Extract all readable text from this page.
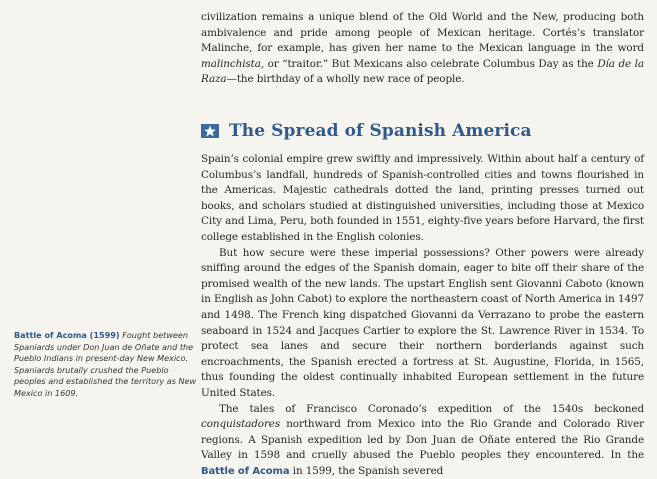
civilization remains a unique blend of the Old World and the New, producing both ambivalence and pride among people of Mexican heritage. Cortés’s translator Malinche, for example, has given her name to the Mexican language in the word malinchista, or “traitor.” But Mexicans also celebrate Columbus Day as the Día de la Raza—the birthday of a wholly new race of people.

The Spread of Spanish America

Spain’s colonial empire grew swiftly and impressively. Within about half a century of Columbus’s landfall, hundreds of Spanish-controlled cities and towns flourished in the Americas. Majestic cathedrals dotted the land, printing presses turned out books, and scholars studied at distinguished universities, including those at Mexico City and Lima, Peru, both founded in 1551, eighty-five years before Harvard, the first college established in the English colonies.

But how secure were these imperial possessions? Other powers were already sniffing around the edges of the Spanish domain, eager to bite off their share of the promised wealth of the new lands. The upstart English sent Giovanni Caboto (known in English as John Cabot) to explore the northeastern coast of North America in 1497 and 1498. The French king dispatched Giovanni da Verrazano to probe the eastern seaboard in 1524 and Jacques Cartier to explore the St. Lawrence River in 1534. To protect sea lanes and secure their northern borderlands against such encroachments, the Spanish erected a fortress at St. Augustine, Florida, in 1565, thus founding the oldest continually inhabited European settlement in the future United States.

The tales of Francisco Coronado’s expedition of the 1540s beckoned conquistadores northward from Mexico into the Rio Grande and Colorado River regions. A Spanish expedition led by Don Juan de Oñate entered the Rio Grande Valley in 1598 and cruelly abused the Pueblo peoples they encountered. In the Battle of Acoma in 1599, the Spanish severed

Battle of Acoma (1599) Fought between Spaniards under Don Juan de Oñate and the Pueblo Indians in present-day New Mexico. Spaniards brutally crushed the Pueblo peoples and established the territory as New Mexico in 1609.
